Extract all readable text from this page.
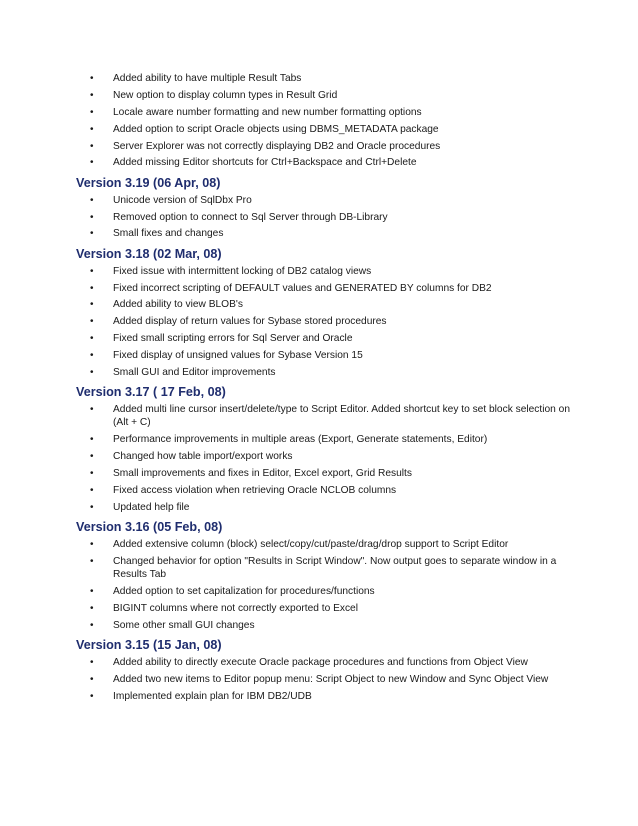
• Added ability to have multiple Result Tabs
• New option to display column types in Result Grid
• Locale aware number formatting and new number formatting options
• Added option to script Oracle objects using DBMS_METADATA package
• Server Explorer was not correctly displaying DB2 and Oracle procedures
• Added missing Editor shortcuts for Ctrl+Backspace and Ctrl+Delete
Version 3.19 (06 Apr, 08)
• Unicode version of SqlDbx Pro
• Removed option to connect to Sql Server through DB-Library
• Small fixes and changes
Version 3.18 (02 Mar, 08)
• Fixed issue with intermittent locking of DB2 catalog views
• Fixed incorrect scripting of DEFAULT values and GENERATED BY columns for DB2
• Added ability to view BLOB's
• Added display of return values for Sybase stored procedures
• Fixed small scripting errors for Sql Server and Oracle
• Fixed display of unsigned values for Sybase Version 15
• Small GUI and Editor improvements
Version 3.17 ( 17 Feb, 08)
• Added multi line cursor insert/delete/type to Script Editor. Added shortcut key to set block selection on (Alt + C)
• Performance improvements in multiple areas (Export, Generate statements, Editor)
• Changed how table import/export works
• Small improvements and fixes in Editor, Excel export, Grid Results
• Fixed access violation when retrieving Oracle NCLOB columns
• Updated help file
Version 3.16 (05 Feb, 08)
• Added extensive column (block) select/copy/cut/paste/drag/drop support to Script Editor
• Changed behavior for option "Results in Script Window". Now output goes to separate window in a Results Tab
• Added option to set capitalization for procedures/functions
• BIGINT columns where not correctly exported to Excel
• Some other small GUI changes
Version 3.15 (15 Jan, 08)
• Added ability to directly execute Oracle package procedures and functions from Object View
• Added two new items to Editor popup menu: Script Object to new Window and Sync Object View
• Implemented explain plan for IBM DB2/UDB
